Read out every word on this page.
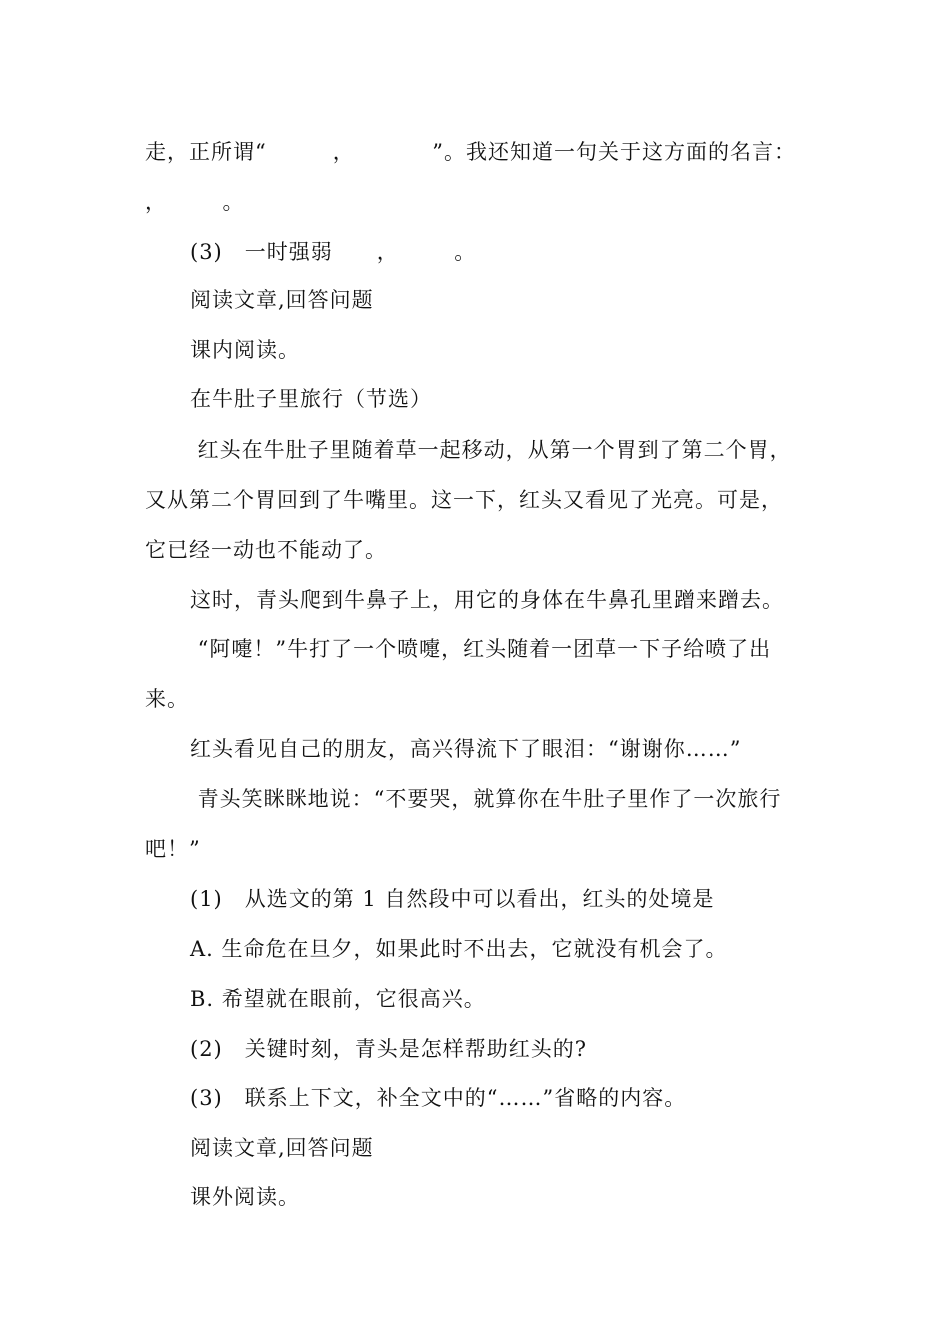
走，正所谓“　　　，　　　　”。我还知道一句关于这方面的名言：
，　　　。
(3)　一时强弱　　，　　　。
阅读文章,回答问题
课内阅读。
在牛肚子里旅行（节选）
红头在牛肚子里随着草一起移动，从第一个胃到了第二个胃，
又从第二个胃回到了牛嘴里。这一下，红头又看见了光亮。可是，
它已经一动也不能动了。
这时，青头爬到牛鼻子上，用它的身体在牛鼻孔里蹭来蹭去。
“阿嚏！”牛打了一个喷嚏，红头随着一团草一下子给喷了出
来。
红头看见自己的朋友，高兴得流下了眼泪：“谢谢你……”
青头笑眯眯地说：“不要哭，就算你在牛肚子里作了一次旅行
吧！”
(1)　从选文的第 1 自然段中可以看出，红头的处境是
A. 生命危在旦夕，如果此时不出去，它就没有机会了。
B. 希望就在眼前，它很高兴。
(2)　关键时刻，青头是怎样帮助红头的?
(3)　联系上下文，补全文中的“……”省略的内容。
阅读文章,回答问题
课外阅读。
